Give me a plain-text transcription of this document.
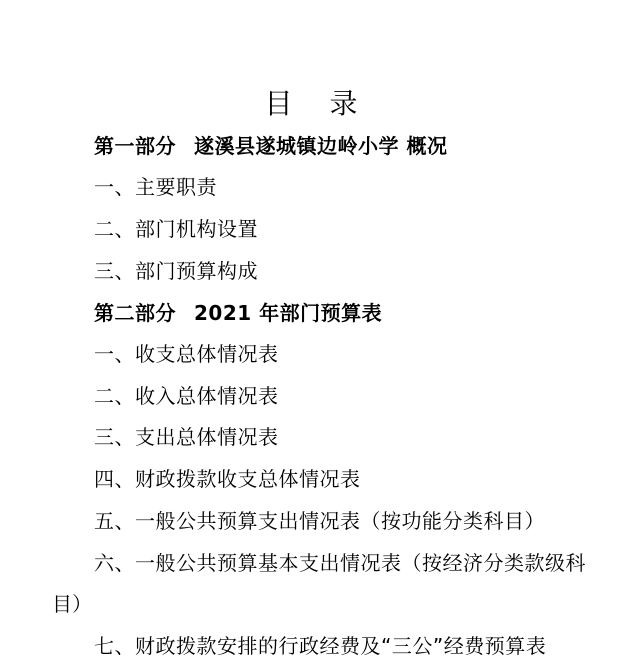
目 录
第一部分 遂溪县遂城镇边岭小学 概况
一、主要职责
二、部门机构设置
三、部门预算构成
第二部分 2021 年部门预算表
一、收支总体情况表
二、收入总体情况表
三、支出总体情况表
四、财政拨款收支总体情况表
五、一般公共预算支出情况表（按功能分类科目）
六、一般公共预算基本支出情况表（按经济分类款级科
目）
七、财政拨款安排的行政经费及“三公”经费预算表
